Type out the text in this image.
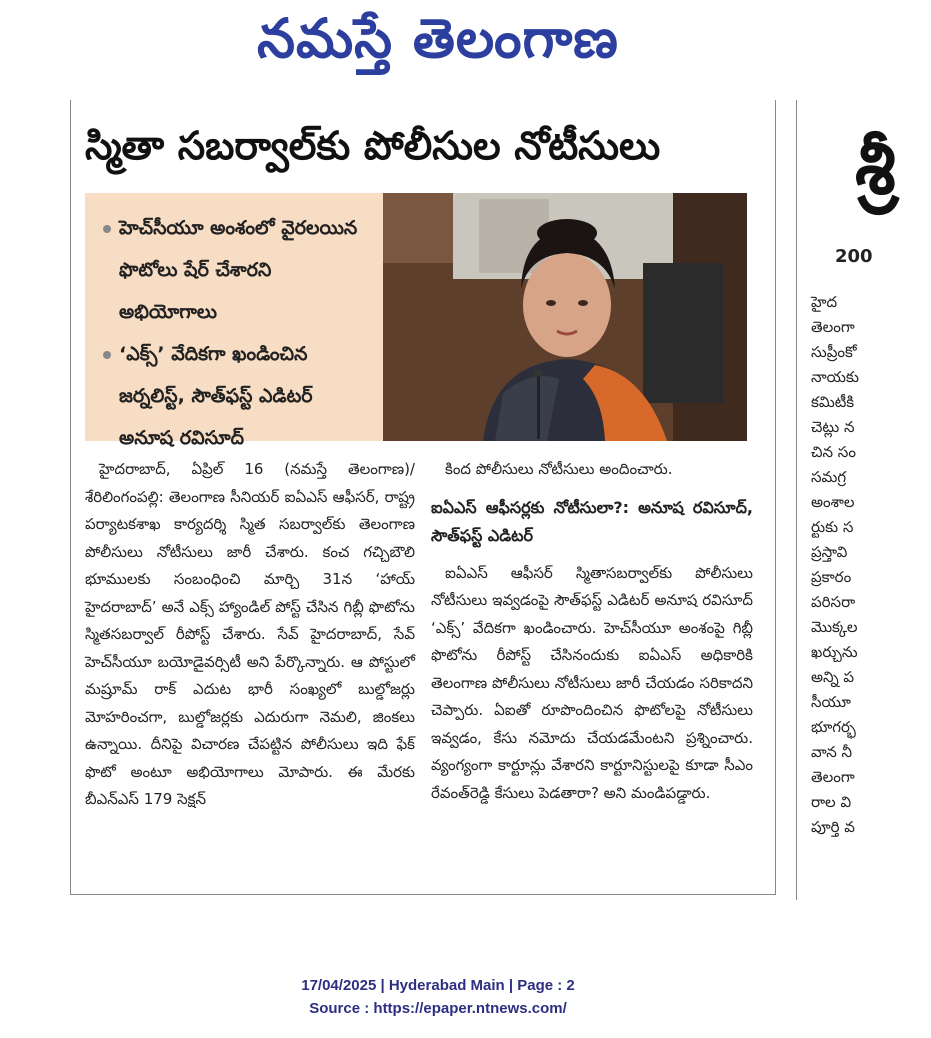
నమస్తే తెలంగాణ
స్మితా సబర్వాల్‌కు పోలీసుల నోటీసులు
హెచ్‌సీయూ అంశంలో వైరలయిన ఫొటోలు షేర్ చేశారని అభియోగాలు
‘ఎక్స్’ వేదికగా ఖండించిన జర్నలిస్ట్, సౌత్‌ఫస్ట్ ఎడిటర్ అనూష రవిసూద్

హైదరాబాద్, ఏప్రిల్ 16 (నమస్తే తెలంగాణ)/శేరిలింగంపల్లి: తెలంగాణ సీనియర్ ఐఏఎస్ ఆఫీసర్, రాష్ట్ర పర్యాటకశాఖ కార్యదర్శి స్మిత సబర్వాల్‌కు తెలంగాణ పోలీసులు నోటీసులు జారీ చేశారు. కంచ గచ్చిబౌలి భూములకు సంబంధించి మార్చి 31న ‘హాయ్ హైదరాబాద్’ అనే ఎక్స్ హ్యాండిల్ పోస్ట్ చేసిన గిబ్లీ ఫొటోను స్మితసబర్వాల్ రీపోస్ట్ చేశారు. సేవ్ హైదరాబాద్, సేవ్ హెచ్‌సీయూ బయోడైవర్సిటీ అని పేర్కొన్నారు. ఆ పోస్టులో మష్రూమ్ రాక్ ఎదుట భారీ సంఖ్యలో బుల్డోజర్లు మోహరించగా, బుల్డోజర్లకు ఎదురుగా నెమలి, జింకలు ఉన్నాయి. దీనిపై విచారణ చేపట్టిన పోలీసులు ఇది ఫేక్ ఫొటో అంటూ అభియోగాలు మోపారు. ఈ మేరకు బీఎన్ఎస్ 179 సెక్షన్

కింద పోలీసులు నోటీసులు అందించారు.

ఐఏఎస్ ఆఫీసర్లకు నోటీసులా?: అనూష రవిసూద్, సౌత్‌ఫస్ట్ ఎడిటర్

ఐఏఎస్ ఆఫీసర్ స్మితాసబర్వాల్‌కు పోలీసులు నోటీసులు ఇవ్వడంపై సౌత్‌ఫస్ట్ ఎడిటర్ అనూష రవిసూద్ ‘ఎక్స్’ వేదికగా ఖండించారు. హెచ్‌సీయూ అంశంపై గిబ్లీ ఫొటోను రీపోస్ట్ చేసినందుకు ఐఏఎస్ అధికారికి తెలంగాణ పోలీసులు నోటీసులు జారీ చేయడం సరికాదని చెప్పారు. ఏఐతో రూపొందించిన ఫొటోలపై నోటీసులు ఇవ్వడం, కేసు నమోదు చేయడమేంటని ప్రశ్నించారు. వ్యంగ్యంగా కార్టూన్లు వేశారని కార్టూనిస్టులపై కూడా సీఎం రేవంత్‌రెడ్డి కేసులు పెడతారా? అని మండిపడ్డారు.

శ్రీ
200
హైద
తెలంగా
సుప్రీంకో
నాయకు
కమిటీకి
చెట్లు న
చిన సం
సమగ్ర
అంశాల
ర్టుకు స
ప్రస్తావి
ప్రకారం
పరిసరా
మొక్కల
ఖర్చును
అన్ని ప
సీయూ
భూగర్భ
వాన నీ
తెలంగా
రాల వి
పూర్తి వ
17/04/2025 | Hyderabad Main | Page : 2
Source : https://epaper.ntnews.com/
